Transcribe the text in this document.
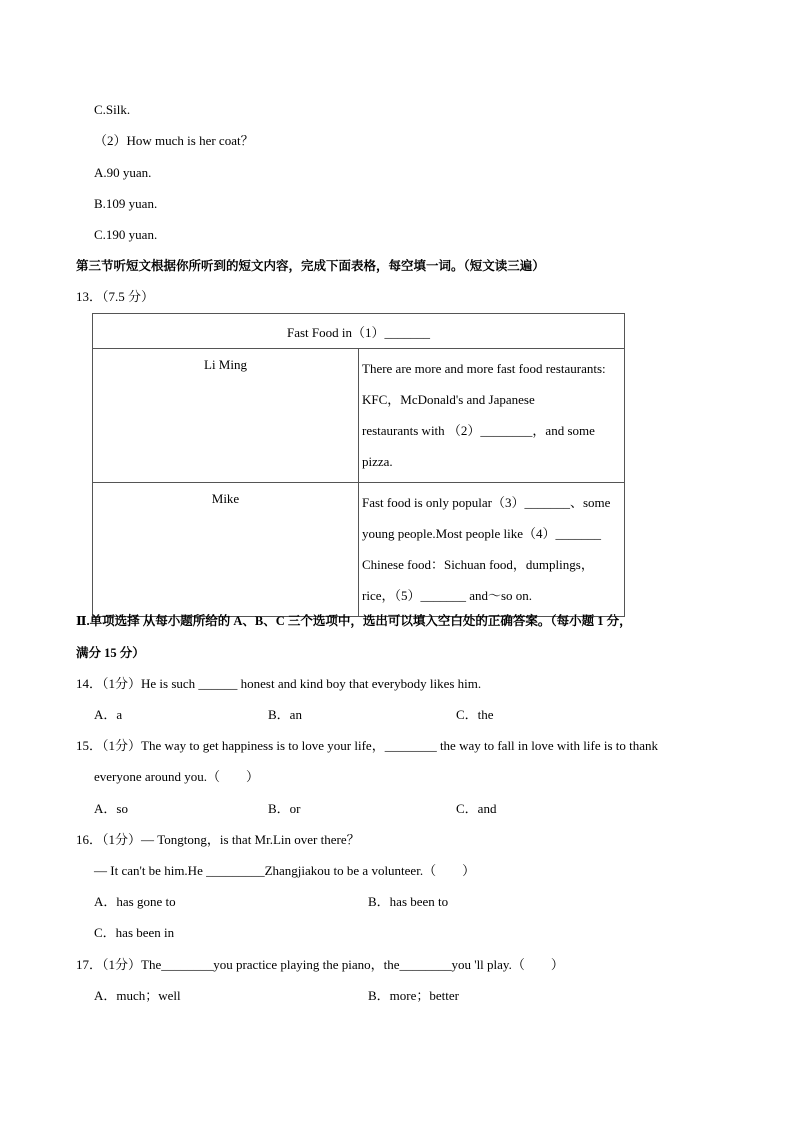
C.Silk.
（2）How much is her coat？
A.90 yuan.
B.109 yuan.
C.190 yuan.
第三节听短文根据你所听到的短文内容，完成下面表格，每空填一词。（短文读三遍）
13．（7.5 分）
Fast Food in（1）_______	
Li Ming	There are more and more fast food restaurants:
KFC，McDonald's and Japanese
restaurants with （2）________，and some
pizza.

Mike	Fast food is only popular（3）_______、some
young people.Most people like（4）_______
Chinese food：Sichuan food，dumplings，
rice，（5）_______ and～so on.
Ⅱ.单项选择 从每小题所给的 A、B、C 三个选项中，选出可以填入空白处的正确答案。（每小题 1 分，
满分 15 分）
14．（1分）He is such ______ honest and kind boy that everybody likes him.
A．a	B．an	C．the
15．（1分）The way to get happiness is to love your life，________ the way to fall in love with life is to thank
everyone around you.（　　）
A．so	B．or	C．and
16．（1分）— Tongtong，is that Mr.Lin over there？
— It can't be him.He _________Zhangjiakou to be a volunteer.（　　）
A．has gone to	B．has been to
C．has been in
17．（1分）The________you practice playing the piano，the________you 'll play.（　　）
A．much；well	B．more；better
